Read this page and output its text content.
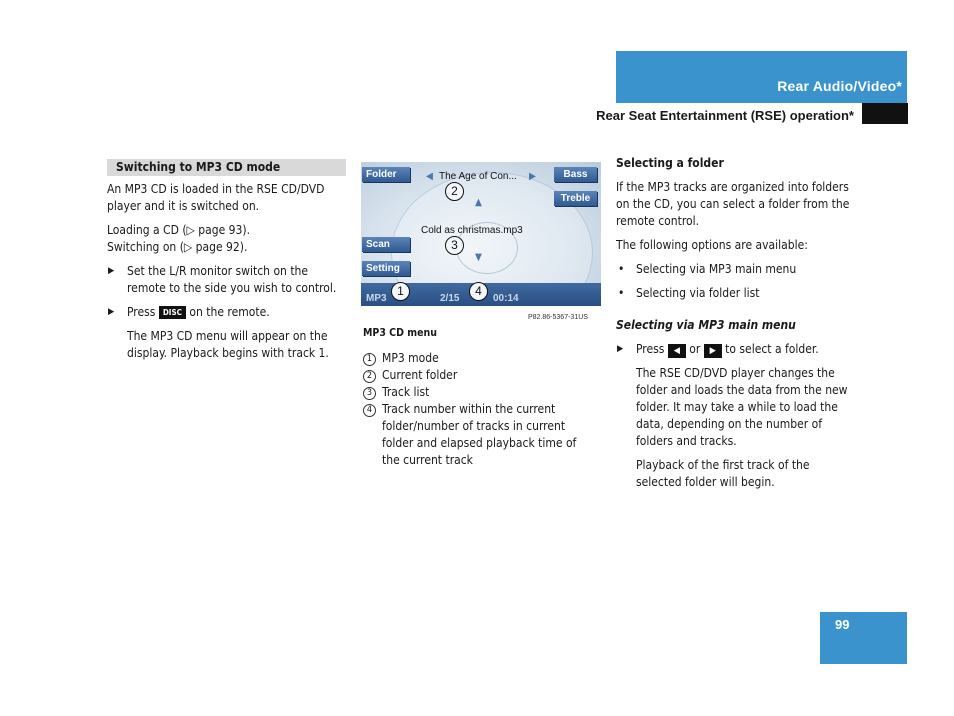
Rear Audio/Video*
Rear Seat Entertainment (RSE) operation*
Switching to MP3 CD mode

An MP3 CD is loaded in the RSE CD/DVD player and it is switched on.

Loading a CD (▷ page 93).
Switching on (▷ page 92).

▶ Set the L/R monitor switch on the remote to the side you wish to control.
▶ Press DISC on the remote.

The MP3 CD menu will appear on the display. Playback begins with track 1.

Folder	◀ The Age of Con... ▶	Bass
Treble
▲
Cold as christmas.mp3
▼
Scan
Setting
MP3	2/15	00:14
1
2
3
4
P82.86-5367-31US
MP3 CD menu
1 MP3 mode
2 Current folder
3 Track list
4 Track number within the current folder/number of tracks in current folder and elapsed playback time of the current track

Selecting a folder

If the MP3 tracks are organized into folders on the CD, you can select a folder from the remote control.

The following options are available:

• Selecting via MP3 main menu
• Selecting via folder list

Selecting via MP3 main menu

▶ Press ◀ or ▶ to select a folder.

The RSE CD/DVD player changes the folder and loads the data from the new folder. It may take a while to load the data, depending on the number of folders and tracks.

Playback of the first track of the selected folder will begin.

99
